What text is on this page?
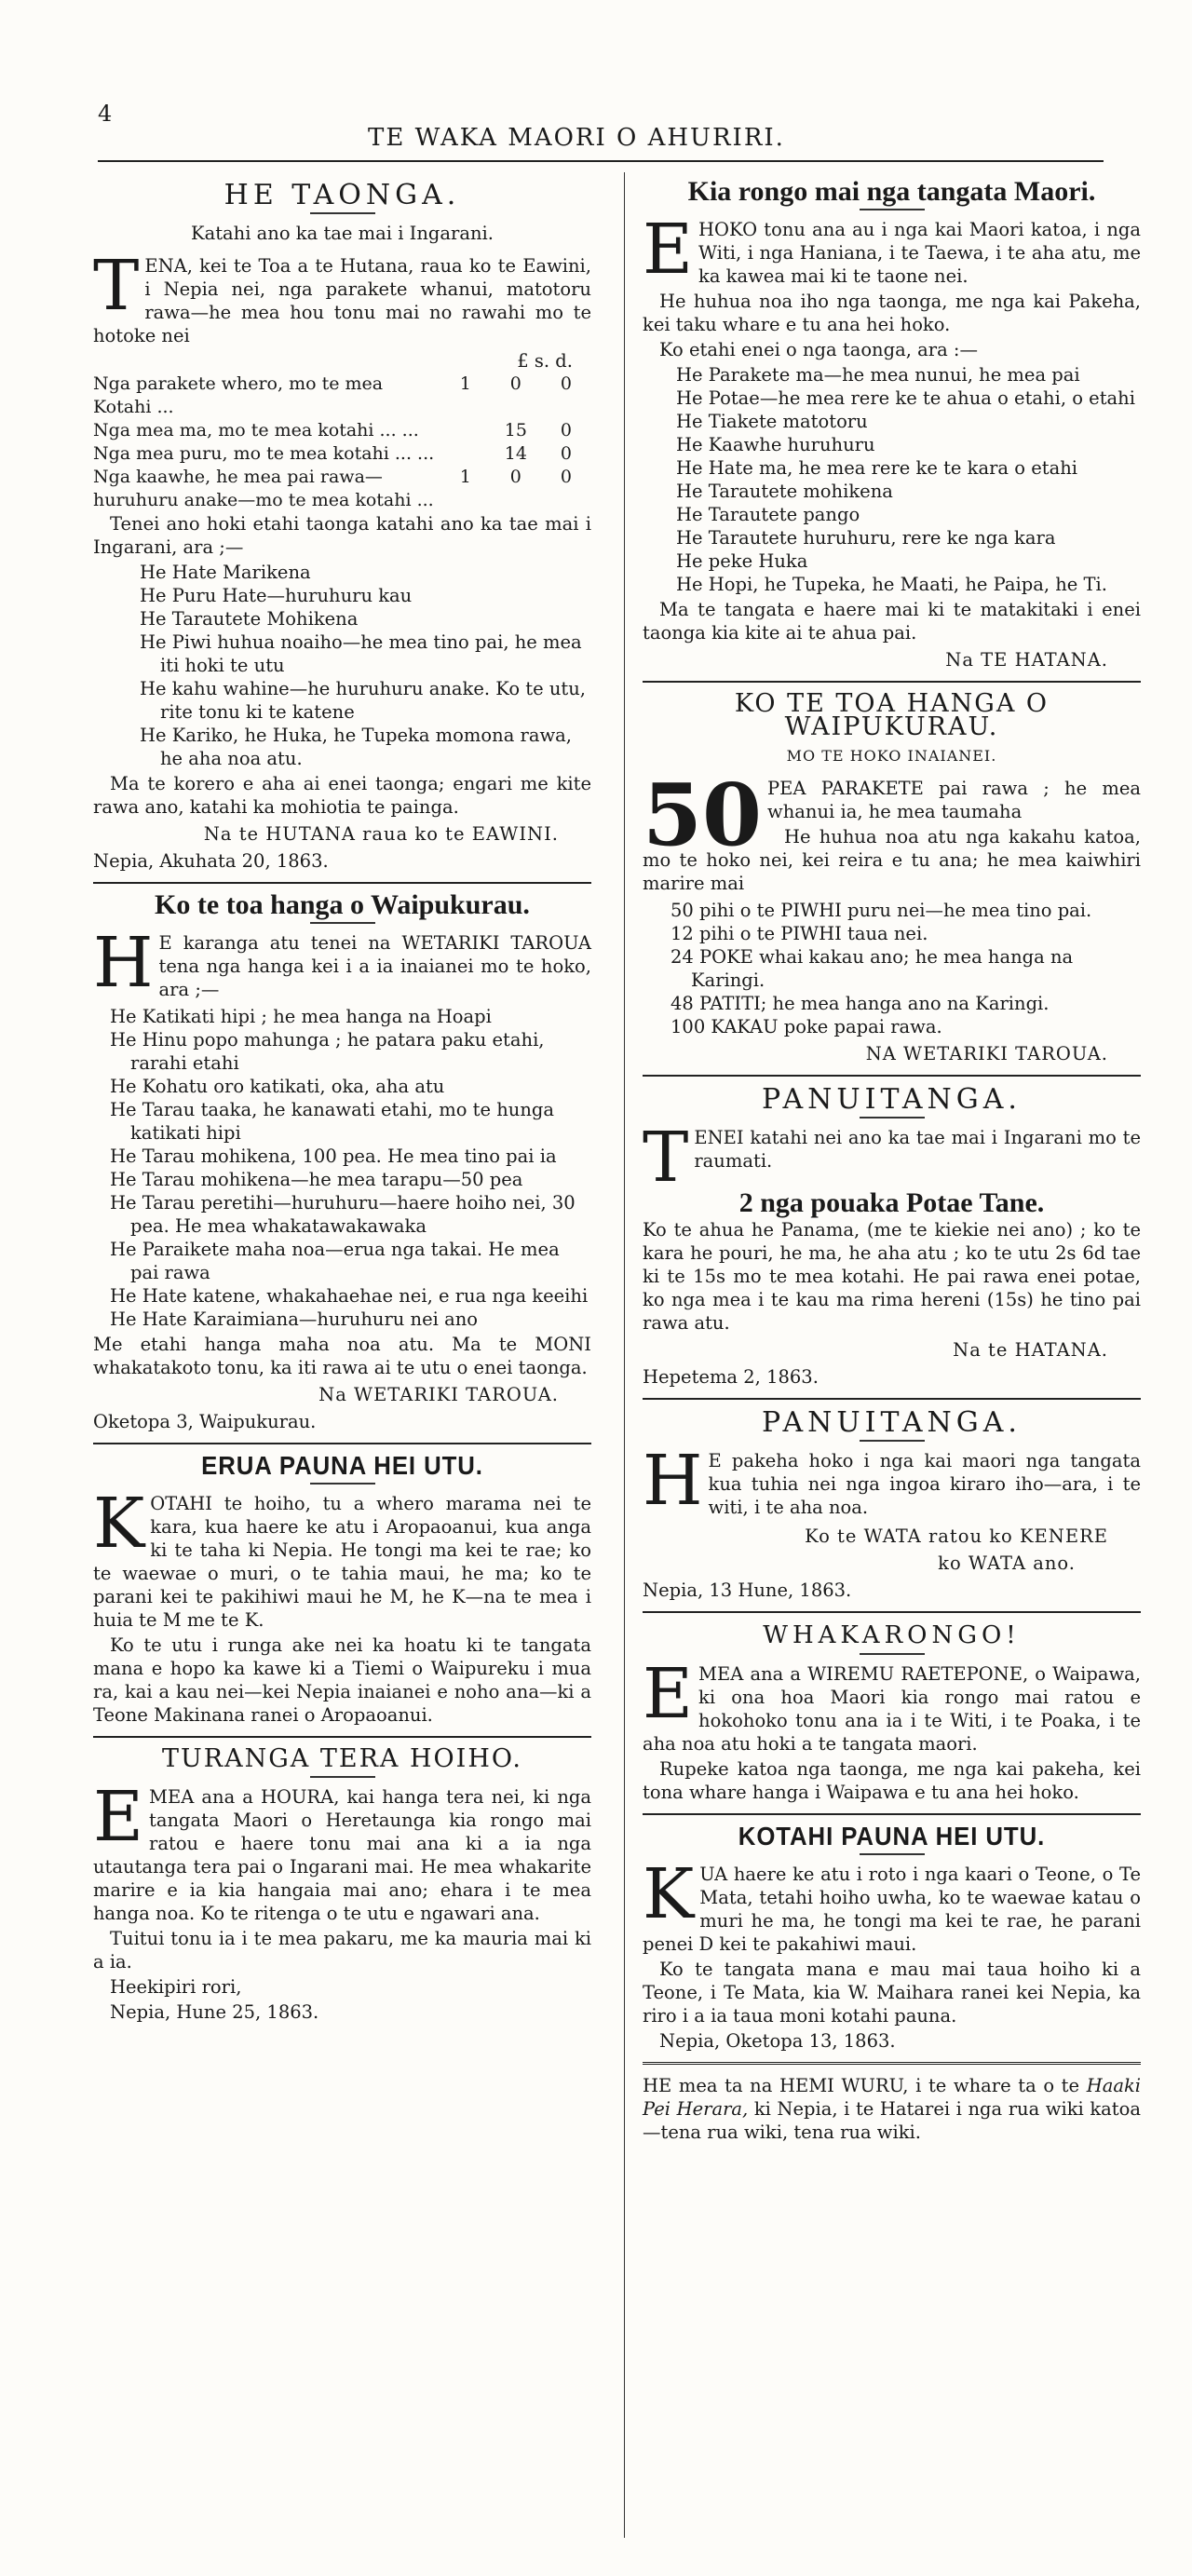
4
TE WAKA MAORI O AHURIRI.
HE TAONGA.
Katahi ano ka tae mai i Ingarani.
T ENA, kei te Toa a te Hutana, raua ko te Eawini, i Nepia nei, nga parakete whanui, matotoru rawa—he mea hou tonu mai no rawahi mo te hotoke nei
£ s. d.
Nga parakete whero, mo te mea Kotahi ...	1	0	0
Nga mea ma, mo te mea kotahi ... ...		15	0
Nga mea puru, mo te mea kotahi ... ...		14	0
Nga kaawhe, he mea pai rawa—huruhuru anake—mo te mea kotahi ...	1	0	0
Tenei ano hoki etahi taonga katahi ano ka tae mai i Ingarani, ara ;—
He Hate Marikena
He Puru Hate—huruhuru kau
He Tarautete Mohikena
He Piwi huhua noaiho—he mea tino pai, he mea iti hoki te utu
He kahu wahine—he huruhuru anake. Ko te utu, rite tonu ki te katene
He Kariko, he Huka, he Tupeka momona rawa, he aha noa atu.
Ma te korero e aha ai enei taonga; engari me kite rawa ano, katahi ka mohiotia te painga.
Na te HUTANA raua ko te EAWINI.
Nepia, Akuhata 20, 1863.
Ko te toa hanga o Waipukurau.
H E karanga atu tenei na WETARIKI TAROUA tena nga hanga kei i a ia inaianei mo te hoko, ara ;—
He Katikati hipi ; he mea hanga na Hoapi
He Hinu popo mahunga ; he patara paku etahi, rarahi etahi
He Kohatu oro katikati, oka, aha atu
He Tarau taaka, he kanawati etahi, mo te hunga katikati hipi
He Tarau mohikena, 100 pea. He mea tino pai ia
He Tarau mohikena—he mea tarapu—50 pea
He Tarau peretihi—huruhuru—haere hoiho nei, 30 pea. He mea whakatawakawaka
He Paraikete maha noa—erua nga takai. He mea pai rawa
He Hate katene, whakahaehae nei, e rua nga keeihi
He Hate Karaimiana—huruhuru nei ano
Me etahi hanga maha noa atu. Ma te MONI whakatakoto tonu, ka iti rawa ai te utu o enei taonga.
Na WETARIKI TAROUA.
Oketopa 3, Waipukurau.
ERUA PAUNA HEI UTU.
K OTAHI te hoiho, tu a whero marama nei te kara, kua haere ke atu i Aropaoanui, kua anga ki te taha ki Nepia. He tongi ma kei te rae; ko te waewae o muri, o te tahia maui, he ma; ko te parani kei te pakihiwi maui he M, he K—na te mea i huia te M me te K.
Ko te utu i runga ake nei ka hoatu ki te tangata mana e hopo ka kawe ki a Tiemi o Waipureku i mua ra, kai a kau nei—kei Nepia inaianei e noho ana—ki a Teone Makinana ranei o Aropaoanui.
TURANGA TERA HOIHO.
E MEA ana a HOURA, kai hanga tera nei, ki nga tangata Maori o Heretaunga kia rongo mai ratou e haere tonu mai ana ki a ia nga utautanga tera pai o Ingarani mai. He mea whakarite marire e ia kia hangaia mai ano; ehara i te mea hanga noa. Ko te ritenga o te utu e ngawari ana.
Tuitui tonu ia i te mea pakaru, me ka mauria mai ki a ia.
Heekipiri rori,
Nepia, Hune 25, 1863.
Kia rongo mai nga tangata Maori.
E HOKO tonu ana au i nga kai Maori katoa, i nga Witi, i nga Haniana, i te Taewa, i te aha atu, me ka kawea mai ki te taone nei.
He huhua noa iho nga taonga, me nga kai Pakeha, kei taku whare e tu ana hei hoko.
Ko etahi enei o nga taonga, ara :—
He Parakete ma—he mea nunui, he mea pai
He Potae—he mea rere ke te ahua o etahi, o etahi
He Tiakete matotoru
He Kaawhe huruhuru
He Hate ma, he mea rere ke te kara o etahi
He Tarautete mohikena
He Tarautete pango
He Tarautete huruhuru, rere ke nga kara
He peke Huka
He Hopi, he Tupeka, he Maati, he Paipa, he Ti.
Ma te tangata e haere mai ki te matakitaki i enei taonga kia kite ai te ahua pai.
Na TE HATANA.
KO TE TOA HANGA O WAIPUKURAU.
MO TE HOKO INAIANEI.
50 PEA PARAKETE pai rawa ; he mea whanui ia, he mea taumaha
He huhua noa atu nga kakahu katoa, mo te hoko nei, kei reira e tu ana; he mea kaiwhiri marire mai
50 pihi o te PIWHI puru nei—he mea tino pai.
12 pihi o te PIWHI taua nei.
24 POKE whai kakau ano; he mea hanga na Karingi.
48 PATITI; he mea hanga ano na Karingi.
100 KAKAU poke papai rawa.
NA WETARIKI TAROUA.
PANUITANGA.
T ENEI katahi nei ano ka tae mai i Ingarani mo te raumati.
2 nga pouaka Potae Tane.
Ko te ahua he Panama, (me te kiekie nei ano) ; ko te kara he pouri, he ma, he aha atu ; ko te utu 2s 6d tae ki te 15s mo te mea kotahi. He pai rawa enei potae, ko nga mea i te kau ma rima hereni (15s) he tino pai rawa atu.
Na te HATANA.
Hepetema 2, 1863.
PANUITANGA.
H E pakeha hoko i nga kai maori nga tangata kua tuhia nei nga ingoa kiraro iho—ara, i te witi, i te aha noa.
Ko te WATA ratou ko KENERE
ko WATA ano.
Nepia, 13 Hune, 1863.
WHAKARONGO!
E MEA ana a WIREMU RAETEPONE, o Waipawa, ki ona hoa Maori kia rongo mai ratou e hokohoko tonu ana ia i te Witi, i te Poaka, i te aha noa atu hoki a te tangata maori.
Rupeke katoa nga taonga, me nga kai pakeha, kei tona whare hanga i Waipawa e tu ana hei hoko.
KOTAHI PAUNA HEI UTU.
K UA haere ke atu i roto i nga kaari o Teone, o Te Mata, tetahi hoiho uwha, ko te waewae katau o muri he ma, he tongi ma kei te rae, he parani penei D kei te pakahiwi maui.
Ko te tangata mana e mau mai taua hoiho ki a Teone, i Te Mata, kia W. Maihara ranei kei Nepia, ka riro i a ia taua moni kotahi pauna.
Nepia, Oketopa 13, 1863.
HE mea ta na HEMI WURU, i te whare ta o te Haaki Pei Herara, ki Nepia, i te Hatarei i nga rua wiki katoa—tena rua wiki, tena rua wiki.
